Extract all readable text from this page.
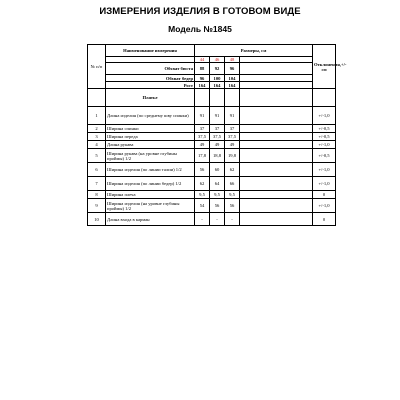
ИЗМЕРЕНИЯ ИЗДЕЛИЯ В ГОТОВОМ ВИДЕ
Модель №1845
№ п/п	Наименование измерения	Размеры, см				Отклонения,+/- см
		44	46	48		
	Обхват бюста	88	92	96		
	Обхват бедер	96	100	104		
	Рост	164	164	164		
	Платье					
1	Длина изделия (по среднему шву спинки)	91	91	91		+/-1,0
2	Ширина спинки	37	37	37		+/-0,5
3	Ширина переда	37,5	37,5	37,5		+/-0,5
4	Длина рукава	49	49	49		+/-1,0
5	Ширина рукава (на уровне глубины проймы) 1/2	17,8	18,8	19,8		+/-0,5
6	Ширина изделия (по линии талии) 1/2	56	60	62		+/-1,0
7	Ширина изделия (по линии бедер) 1/2	62	64	66		+/-1,0
8	Ширина плеча	9,5	9,5	9,5		0
9	Ширина изделия (на уровне глубины проймы) 1/2	54	56	56		+/-1,0
10	Длина входа в карман	-	-	-		0
